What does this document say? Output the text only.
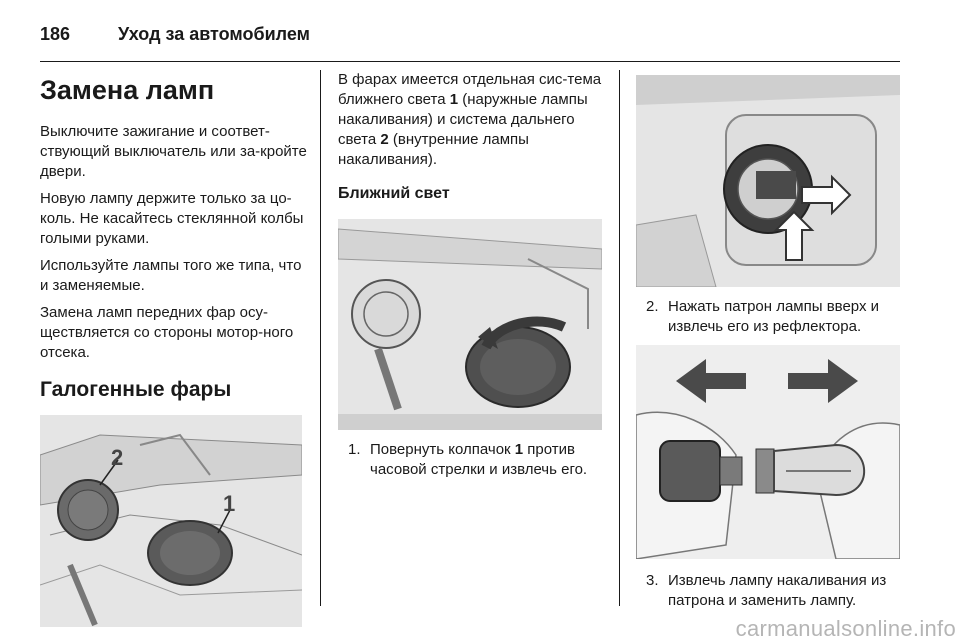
186	Уход за автомобилем
Замена ламп

Выключите зажигание и соответ-ствующий выключатель или за-кройте двери.

Новую лампу держите только за цо-коль. Не касайтесь стеклянной колбы голыми руками.

Используйте лампы того же типа, что и заменяемые.

Замена ламп передних фар осу-ществляется со стороны мотор-ного отсека.

Галогенные фары
2
1

В фарах имеется отдельная сис-тема ближнего света 1 (наружные лампы накаливания) и система дальнего света 2 (внутренние лампы накаливания).

Ближний свет
1. Повернуть колпачок 1 против часовой стрелки и извлечь его.
2. Нажать патрон лампы вверх и извлечь его из рефлектора.
3. Извлечь лампу накаливания из патрона и заменить лампу.
carmanualsonline.info
